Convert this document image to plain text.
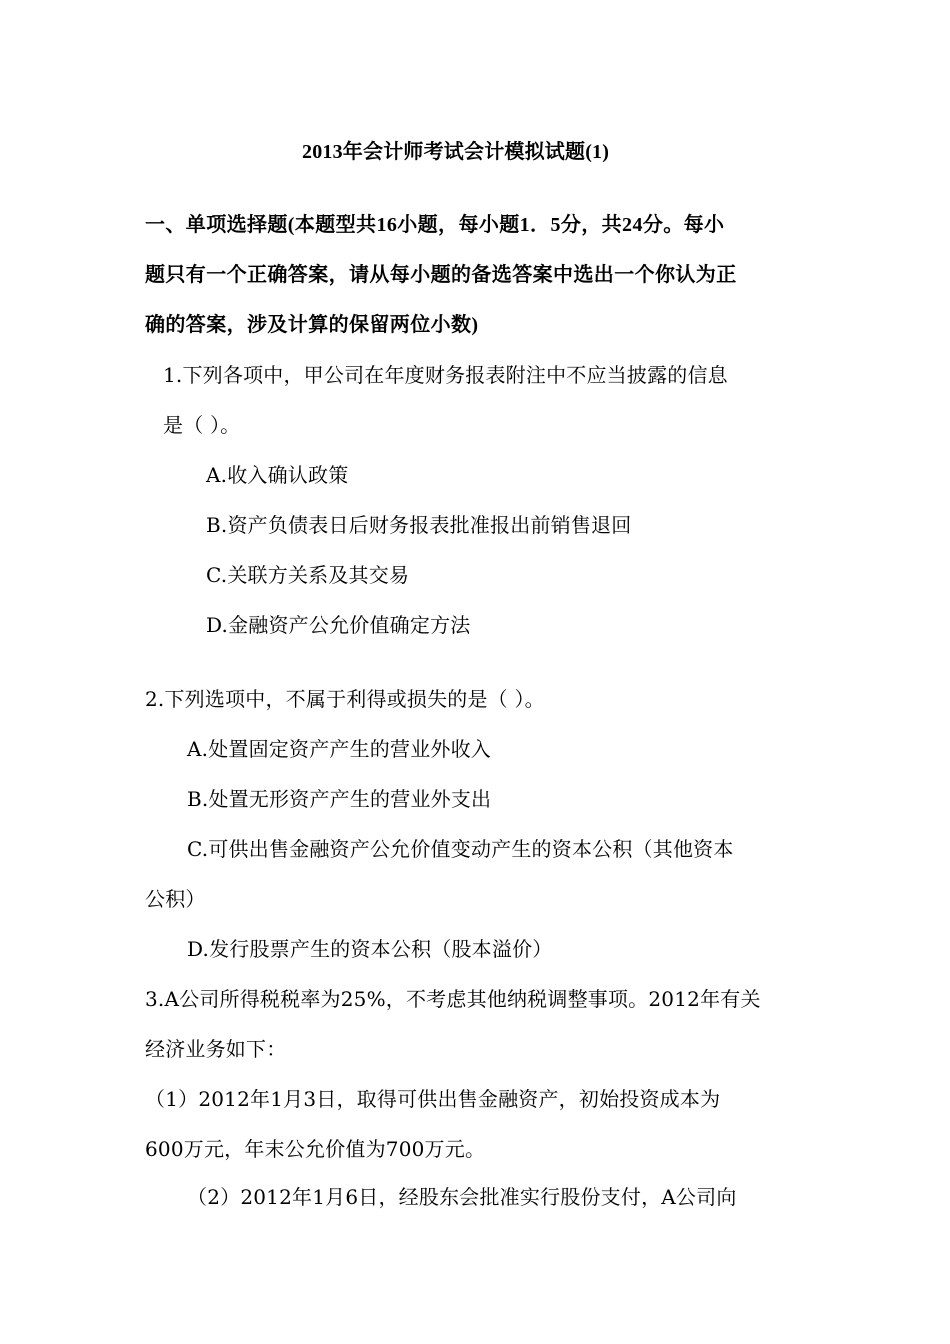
2013年会计师考试会计模拟试题(1)
一、单项选择题(本题型共16小题，每小题1．5分，共24分。每小
题只有一个正确答案，请从每小题的备选答案中选出一个你认为正
确的答案，涉及计算的保留两位小数)
1.下列各项中，甲公司在年度财务报表附注中不应当披露的信息
是（ ）。
A.收入确认政策
B.资产负债表日后财务报表批准报出前销售退回
C.关联方关系及其交易
D.金融资产公允价值确定方法
2.下列选项中，不属于利得或损失的是（ ）。
A.处置固定资产产生的营业外收入
B.处置无形资产产生的营业外支出
C.可供出售金融资产公允价值变动产生的资本公积（其他资本
公积）
D.发行股票产生的资本公积（股本溢价）
3.A公司所得税税率为25%，不考虑其他纳税调整事项。2012年有关
经济业务如下：
（1）2012年1月3日，取得可供出售金融资产，初始投资成本为
600万元，年末公允价值为700万元。
（2）2012年1月6日，经股东会批准实行股份支付，A公司向
